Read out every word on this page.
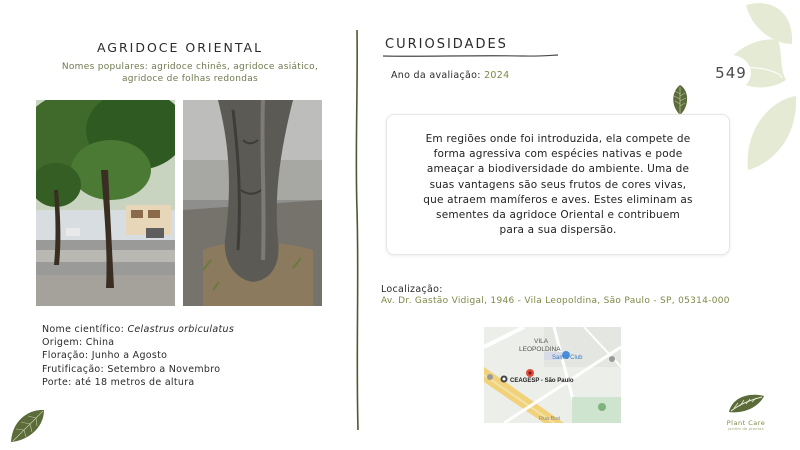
AGRIDOCE ORIENTAL
Nomes populares: agridoce chinês, agridoce asiático,
agridoce de folhas redondas
Nome científico: Celastrus orbiculatus
Origem: China
Floração: Junho a Agosto
Frutificação: Setembro a Novembro
Porte: até 18 metros de altura
CURIOSIDADES
Ano da avaliação: 2024	549
Em regiões onde foi introduzida, ela compete de
forma agressiva com espécies nativas e pode
ameaçar a biodiversidade do ambiente. Uma de
suas vantagens são seus frutos de cores vivas,
que atraem mamíferos e aves. Estes eliminam as
sementes da agridoce Oriental e contribuem
para a sua dispersão.
Localização:
Av. Dr. Gastão Vidigal, 1946 - Vila Leopoldina, São Paulo - SP, 05314-000
VILA
LEOPOLDINA
Sam's Club
CEAGESP - São Paulo
Rua Buri	Plant Care
jardim de plantas
